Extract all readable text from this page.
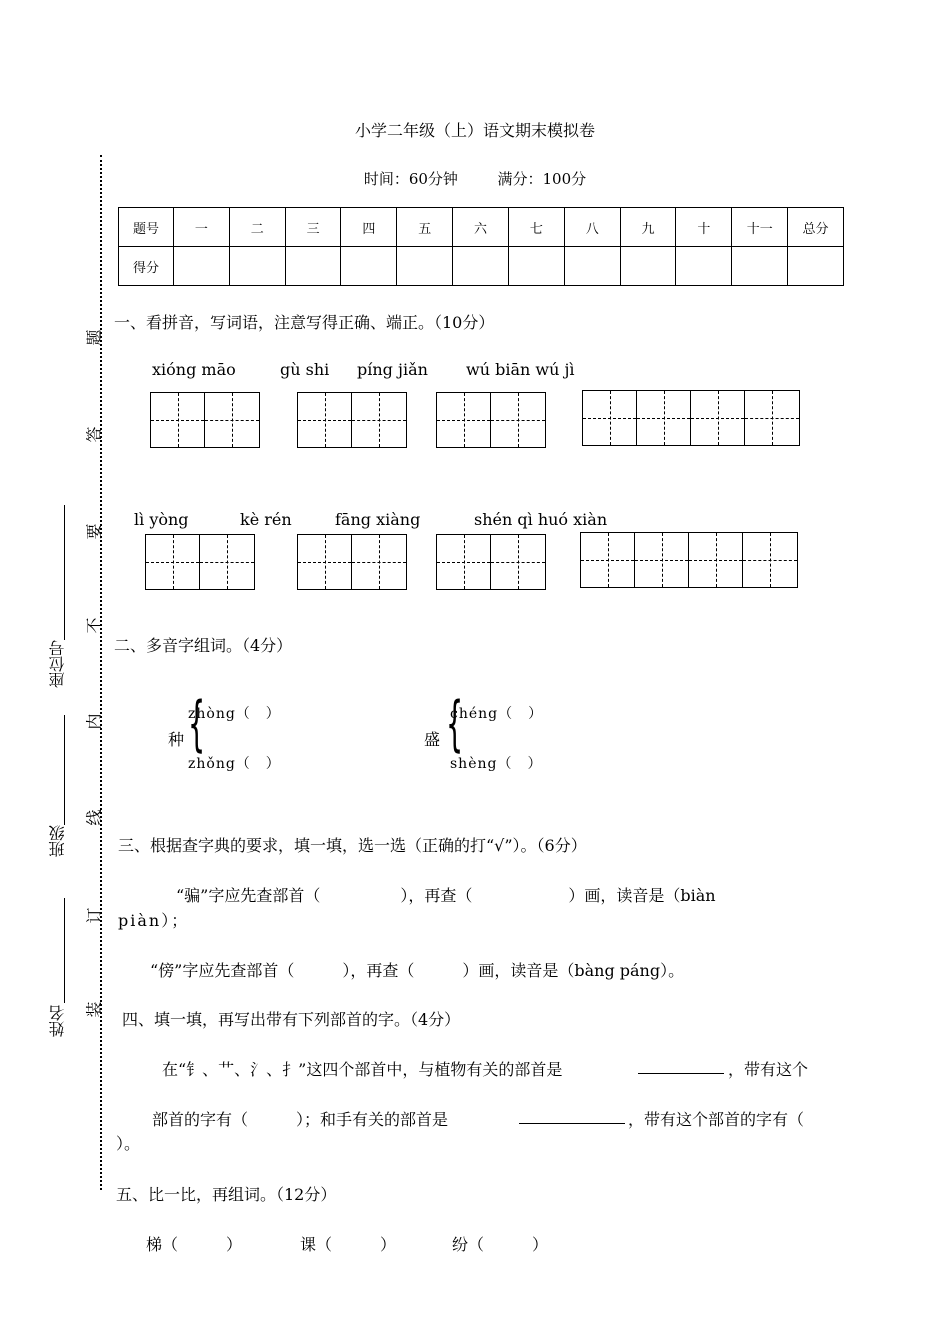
小学二年级（上）语文期末模拟卷
时间：60分钟	满分：100分
题号	一	二	三	四	五	六	七	八	九	十	十一	总分
得分												
题
答
要
不
内
线
订
装
座位号
班级
姓名
一、看拼音，写词语，注意写得正确、端正。（10分）
xióng māo	gù shi píng jiǎn wú biān wú jì
lì yòng	kè rén	fāng xiàng	shén qì huó xiàn
二、多音字组词。（4分）
种 {
zhòng（　）
zhǒng（　）
盛 {
chéng（　）
shèng（　）
三、根据查字典的要求，填一填，选一选（正确的打“√”）。（6分）
“骗”字应先查部首（　　　　　），再查（　　　　　　）画，读音是（biàn
piàn）；
“傍”字应先查部首（　　　），再查（　　　）画，读音是（bàng páng）。
四、填一填，再写出带有下列部首的字。（4分）
在“钅、艹、氵、扌”这四个部首中，与植物有关的部首是	，带有这个
部首的字有（　　　）；和手有关的部首是	，带有这个部首的字有（
）。
五、比一比，再组词。（12分）
梯（　　　）	课（　　　）	纷（　　　）
